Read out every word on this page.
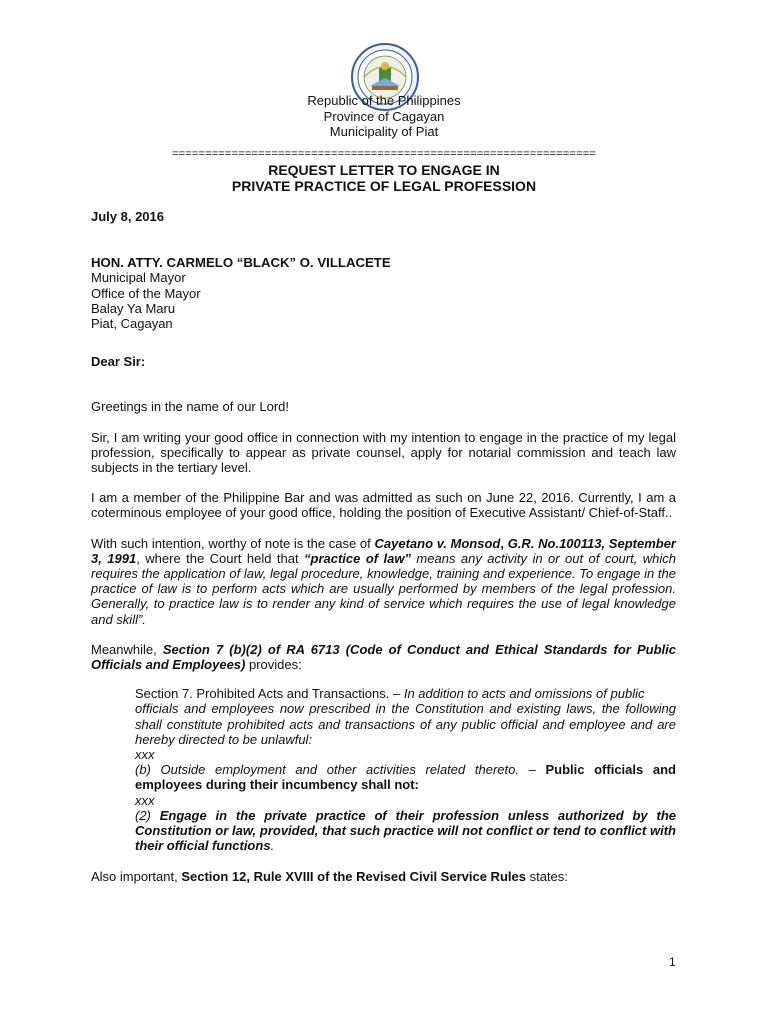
Republic of the Philippines
Province of Cagayan
Municipality of Piat
================================================================
REQUEST LETTER TO ENGAGE IN
PRIVATE PRACTICE OF LEGAL PROFESSION

July 8, 2016

HON. ATTY. CARMELO “BLACK” O. VILLACETE

Municipal Mayor

Office of the Mayor

Balay Ya Maru

Piat, Cagayan

Dear Sir:

Greetings in the name of our Lord!

Sir, I am writing your good office in connection with my intention to engage in the practice of my legal profession, specifically to appear as private counsel, apply for notarial commission and teach law subjects in the tertiary level.

I am a member of the Philippine Bar and was admitted as such on June 22, 2016. Currently, I am a coterminous employee of your good office, holding the position of Executive Assistant/ Chief-of-Staff..

With such intention, worthy of note is the case of Cayetano v. Monsod, G.R. No.100113, September 3, 1991, where the Court held that “practice of law” means any activity in or out of court, which requires the application of law, legal procedure, knowledge, training and experience. To engage in the practice of law is to perform acts which are usually performed by members of the legal profession. Generally, to practice law is to render any kind of service which requires the use of legal knowledge and skill”.

Meanwhile, Section 7 (b)(2) of RA 6713 (Code of Conduct and Ethical Standards for Public Officials and Employees) provides:

Section 7. Prohibited Acts and Transactions. – In addition to acts and omissions of public
officials and employees now prescribed in the Constitution and existing laws, the following shall constitute prohibited acts and transactions of any public official and employee and are hereby directed to be unlawful:
xxx
(b) Outside employment and other activities related thereto. – Public officials and employees during their incumbency shall not:
xxx
(2) Engage in the private practice of their profession unless authorized by the Constitution or law, provided, that such practice will not conflict or tend to conflict with their official functions.

Also important, Section 12, Rule XVIII of the Revised Civil Service Rules states:

1
